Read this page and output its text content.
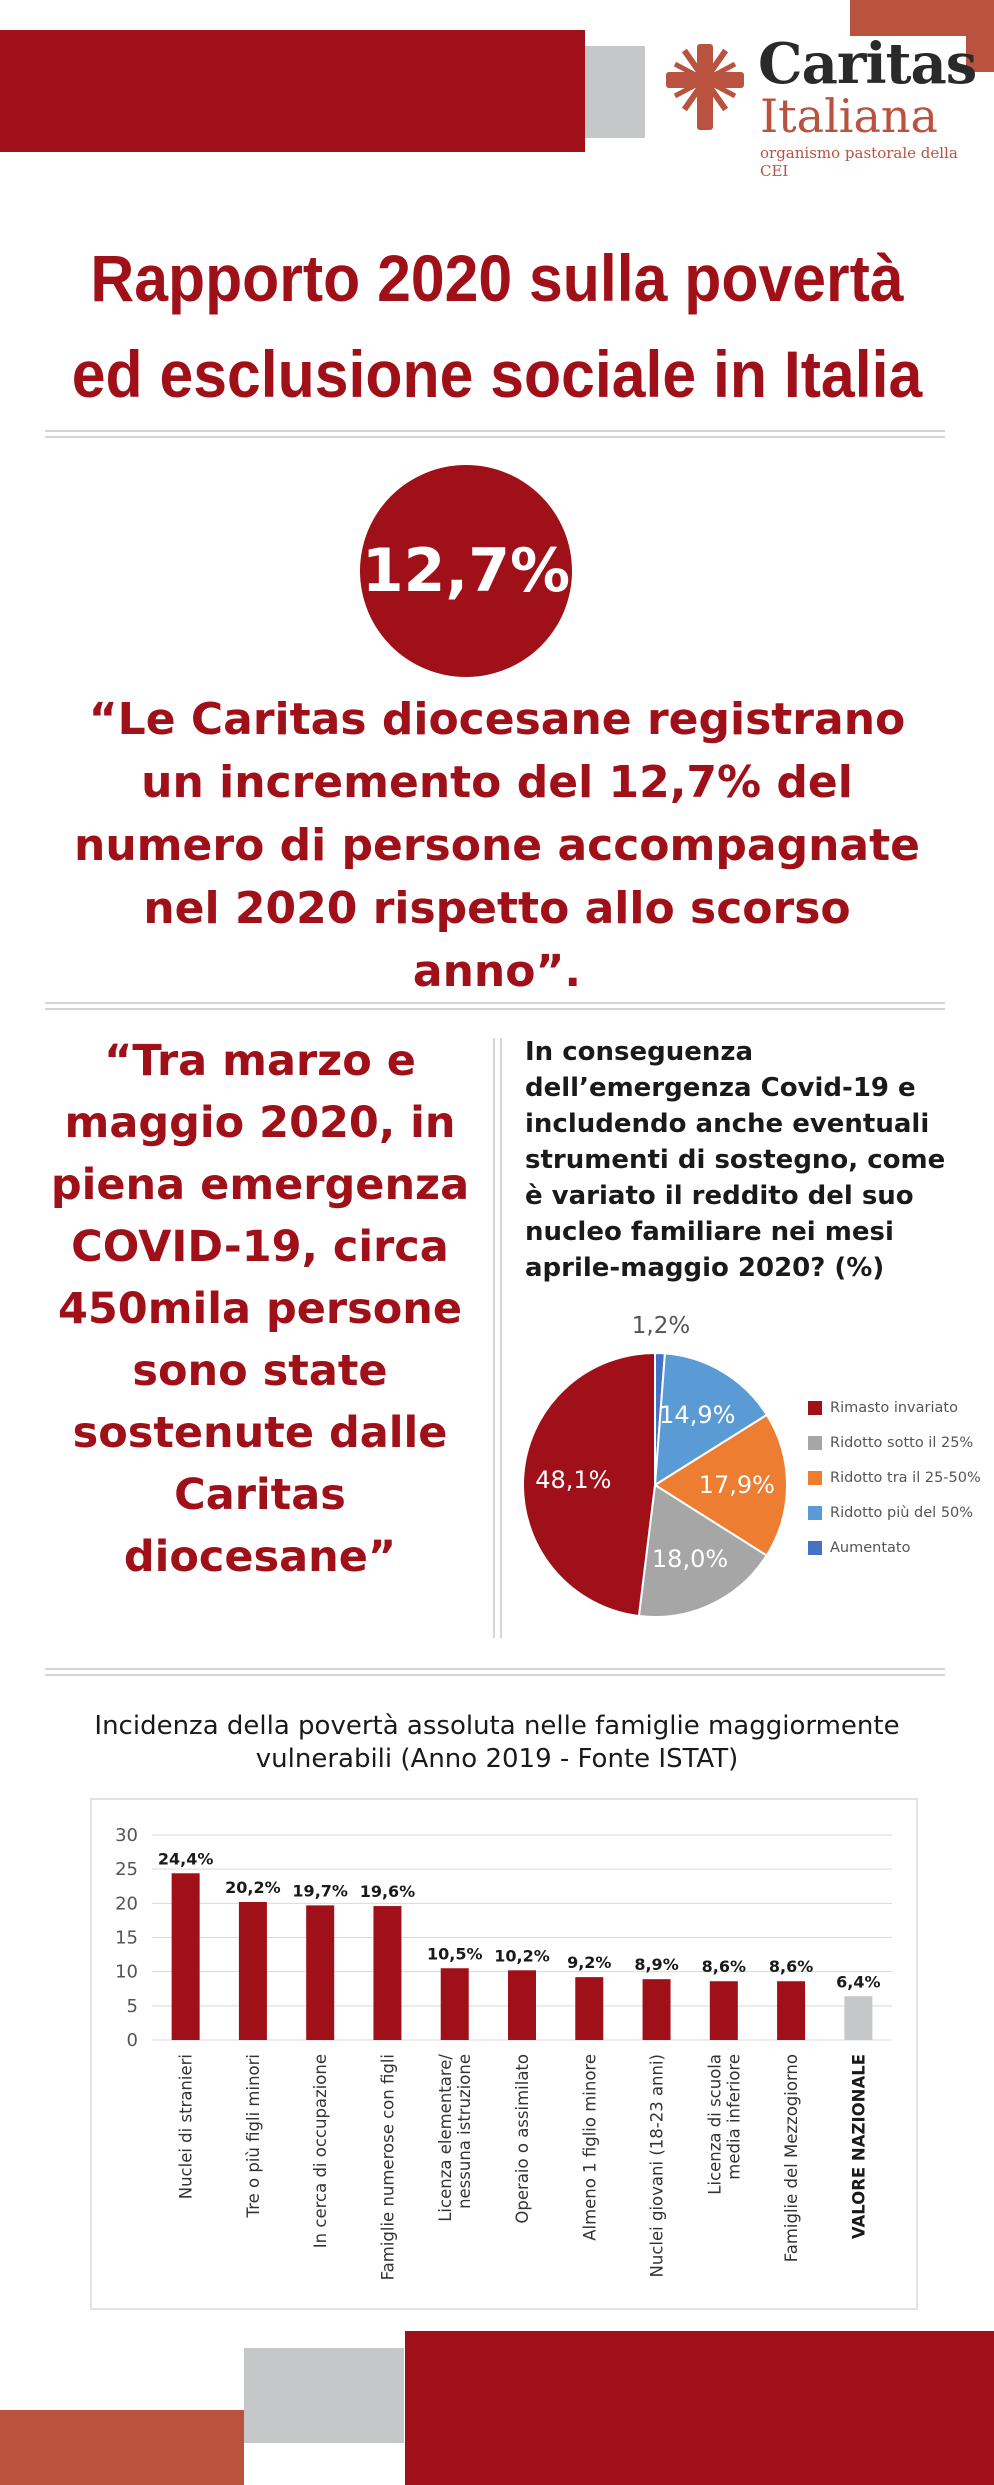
Caritas
Italiana
organismo pastorale della CEI
Rapporto 2020 sulla povertà ed esclusione sociale in Italia
12,7%
“Le Caritas diocesane registrano un incremento del 12,7% del numero di persone accompagnate nel 2020 rispetto allo scorso anno”.
“Tra marzo e maggio 2020, in piena emergenza COVID-19, circa 450mila persone sono state sostenute dalle Caritas diocesane”
In conseguenza dell’emergenza Covid-19 e includendo anche eventuali strumenti di sostegno, come è variato il reddito del suo nucleo familiare nei mesi aprile-maggio 2020? (%)
1,2%
14,9%
17,9%
18,0%
48,1%
Rimasto invariato
Ridotto sotto il 25%
Ridotto tra il 25-50%
Ridotto più del 50%
Aumentato
Incidenza della povertà assoluta nelle famiglie maggiormente vulnerabili (Anno 2019 - Fonte ISTAT)
0
5
10
15
20
25
30
24,4%
Nuclei di stranieri
20,2%
Tre o più figli minori
19,7%
In cerca di occupazione
19,6%
Famiglie numerose con figli
10,5%
Licenza elementare/nessuna istruzione
10,2%
Operaio o assimilato
9,2%
Almeno 1 figlio minore
8,9%
Nuclei giovani (18-23 anni)
8,6%
Licenza di scuolamedia inferiore
8,6%
Famiglie del Mezzogiorno
6,4%
VALORE NAZIONALE
